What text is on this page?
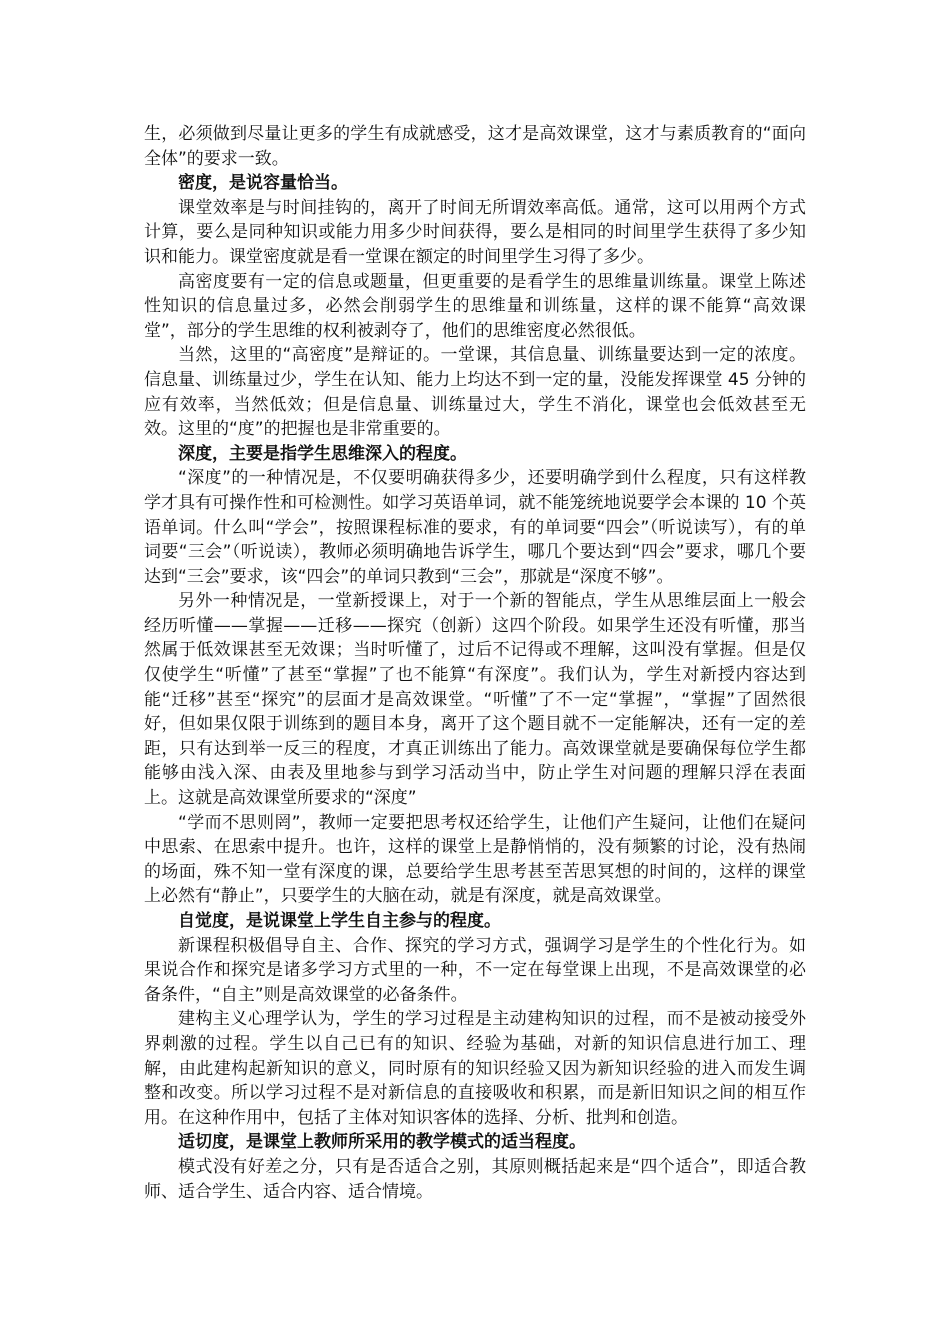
生，必须做到尽量让更多的学生有成就感受，这才是高效课堂，这才与素质教育的“面向全体”的要求一致。

密度，是说容量恰当。

课堂效率是与时间挂钩的，离开了时间无所谓效率高低。通常，这可以用两个方式计算，要么是同种知识或能力用多少时间获得，要么是相同的时间里学生获得了多少知识和能力。课堂密度就是看一堂课在额定的时间里学生习得了多少。

高密度要有一定的信息或题量，但更重要的是看学生的思维量训练量。课堂上陈述性知识的信息量过多，必然会削弱学生的思维量和训练量，这样的课不能算“高效课堂”，部分的学生思维的权利被剥夺了，他们的思维密度必然很低。

当然，这里的“高密度”是辩证的。一堂课，其信息量、训练量要达到一定的浓度。信息量、训练量过少，学生在认知、能力上均达不到一定的量，没能发挥课堂 45 分钟的应有效率，当然低效；但是信息量、训练量过大，学生不消化，课堂也会低效甚至无效。这里的“度”的把握也是非常重要的。

深度，主要是指学生思维深入的程度。

“深度”的一种情况是，不仅要明确获得多少，还要明确学到什么程度，只有这样教学才具有可操作性和可检测性。如学习英语单词，就不能笼统地说要学会本课的 10 个英语单词。什么叫“学会”，按照课程标准的要求，有的单词要“四会”（听说读写），有的单词要“三会”（听说读），教师必须明确地告诉学生，哪几个要达到“四会”要求，哪几个要达到“三会”要求，该“四会”的单词只教到“三会”，那就是“深度不够”。

另外一种情况是，一堂新授课上，对于一个新的智能点，学生从思维层面上一般会经历听懂——掌握——迁移——探究（创新）这四个阶段。如果学生还没有听懂，那当然属于低效课甚至无效课；当时听懂了，过后不记得或不理解，这叫没有掌握。但是仅仅使学生“听懂”了甚至“掌握”了也不能算“有深度”。我们认为，学生对新授内容达到能“迁移”甚至“探究”的层面才是高效课堂。“听懂”了不一定“掌握”，“掌握”了固然很好，但如果仅限于训练到的题目本身，离开了这个题目就不一定能解决，还有一定的差距，只有达到举一反三的程度，才真正训练出了能力。高效课堂就是要确保每位学生都能够由浅入深、由表及里地参与到学习活动当中，防止学生对问题的理解只浮在表面上。这就是高效课堂所要求的“深度”

“学而不思则罔”，教师一定要把思考权还给学生，让他们产生疑问，让他们在疑问中思索、在思索中提升。也许，这样的课堂上是静悄悄的，没有频繁的讨论，没有热闹的场面，殊不知一堂有深度的课，总要给学生思考甚至苦思冥想的时间的，这样的课堂上必然有“静止”，只要学生的大脑在动，就是有深度，就是高效课堂。

自觉度，是说课堂上学生自主参与的程度。

新课程积极倡导自主、合作、探究的学习方式，强调学习是学生的个性化行为。如果说合作和探究是诸多学习方式里的一种，不一定在每堂课上出现，不是高效课堂的必备条件，“自主”则是高效课堂的必备条件。

建构主义心理学认为，学生的学习过程是主动建构知识的过程，而不是被动接受外界刺激的过程。学生以自己已有的知识、经验为基础，对新的知识信息进行加工、理解，由此建构起新知识的意义，同时原有的知识经验又因为新知识经验的进入而发生调整和改变。所以学习过程不是对新信息的直接吸收和积累，而是新旧知识之间的相互作用。在这种作用中，包括了主体对知识客体的选择、分析、批判和创造。

适切度，是课堂上教师所采用的教学模式的适当程度。

模式没有好差之分，只有是否适合之别，其原则概括起来是“四个适合”，即适合教师、适合学生、适合内容、适合情境。
